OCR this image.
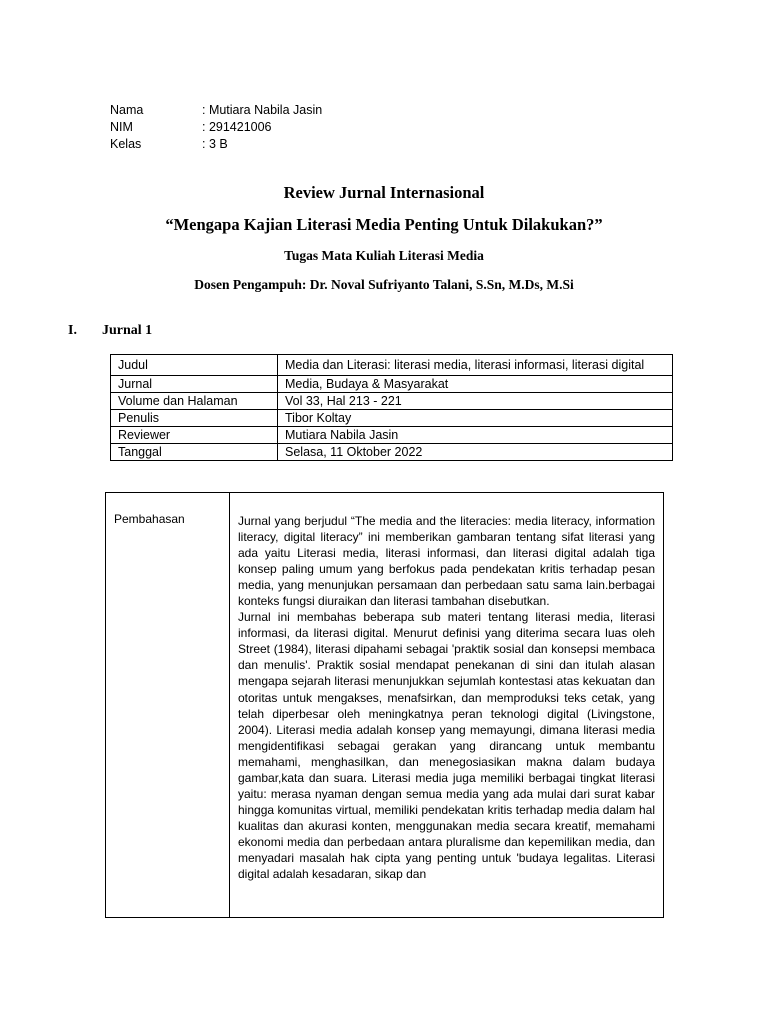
Nama	: Mutiara Nabila Jasin
NIM	: 291421006
Kelas	: 3 B
Review Jurnal Internasional
“Mengapa Kajian Literasi Media Penting Untuk Dilakukan?”
Tugas Mata Kuliah Literasi Media
Dosen Pengampuh: Dr. Noval Sufriyanto Talani, S.Sn, M.Ds, M.Si
I.	Jurnal 1
Judul	Media dan Literasi: literasi media, literasi informasi, literasi digital
Jurnal	Media, Budaya & Masyarakat
Volume dan Halaman	Vol 33, Hal 213 - 221
Penulis	Tibor Koltay
Reviewer	Mutiara Nabila Jasin
Tanggal	Selasa, 11 Oktober 2022
Pembahasan	Jurnal yang berjudul “The media and the literacies: media literacy, information literacy, digital literacy” ini memberikan gambaran tentang sifat literasi yang ada yaitu Literasi media, literasi informasi, dan literasi digital adalah tiga konsep paling umum yang berfokus pada pendekatan kritis terhadap pesan media, yang menunjukan persamaan dan perbedaan satu sama lain.berbagai konteks fungsi diuraikan dan literasi tambahan disebutkan.

Jurnal ini membahas beberapa sub materi tentang literasi media, literasi informasi, da literasi digital. Menurut definisi yang diterima secara luas oleh Street (1984), literasi dipahami sebagai 'praktik sosial dan konsepsi membaca dan menulis'. Praktik sosial mendapat penekanan di sini dan itulah alasan mengapa sejarah literasi menunjukkan sejumlah kontestasi atas kekuatan dan otoritas untuk mengakses, menafsirkan, dan memproduksi teks cetak, yang telah diperbesar oleh meningkatnya peran teknologi digital (Livingstone, 2004). Literasi media adalah konsep yang memayungi, dimana literasi media mengidentifikasi sebagai gerakan yang dirancang untuk membantu memahami, menghasilkan, dan menegosiasikan makna dalam budaya gambar,kata dan suara. Literasi media juga memiliki berbagai tingkat literasi yaitu: merasa nyaman dengan semua media yang ada mulai dari surat kabar hingga komunitas virtual, memiliki pendekatan kritis terhadap media dalam hal kualitas dan akurasi konten, menggunakan media secara kreatif, memahami ekonomi media dan perbedaan antara pluralisme dan kepemilikan media, dan menyadari masalah hak cipta yang penting untuk 'budaya legalitas. Literasi digital adalah kesadaran, sikap dan
